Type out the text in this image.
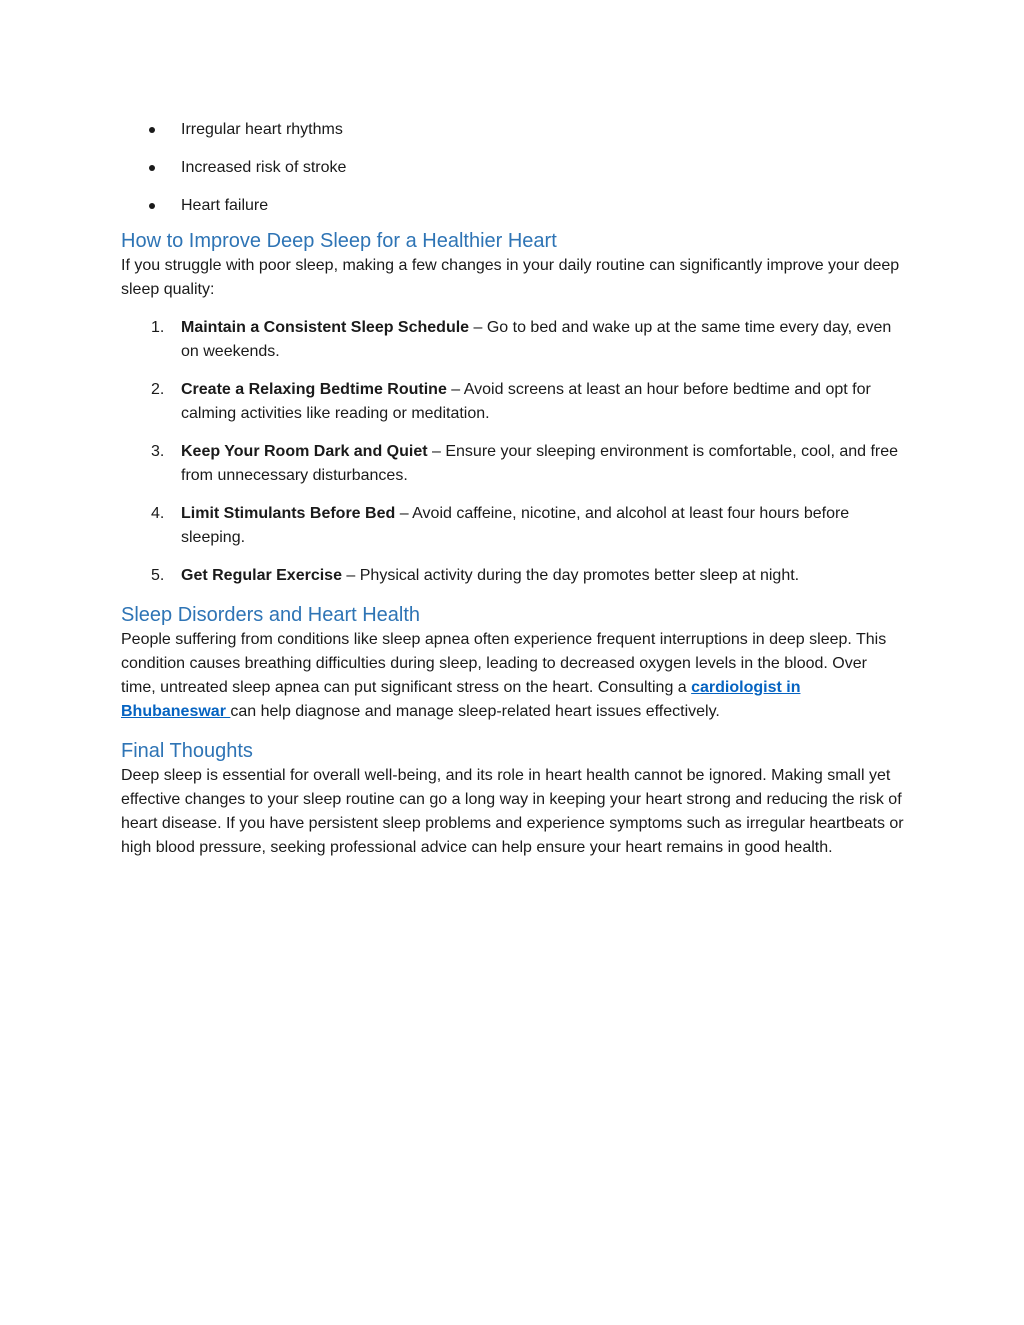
Irregular heart rhythms
Increased risk of stroke
Heart failure
How to Improve Deep Sleep for a Healthier Heart

If you struggle with poor sleep, making a few changes in your daily routine can significantly improve your deep sleep quality:

1. Maintain a Consistent Sleep Schedule – Go to bed and wake up at the same time every day, even on weekends.
2. Create a Relaxing Bedtime Routine – Avoid screens at least an hour before bedtime and opt for calming activities like reading or meditation.
3. Keep Your Room Dark and Quiet – Ensure your sleeping environment is comfortable, cool, and free from unnecessary disturbances.
4. Limit Stimulants Before Bed – Avoid caffeine, nicotine, and alcohol at least four hours before sleeping.
5. Get Regular Exercise – Physical activity during the day promotes better sleep at night.
Sleep Disorders and Heart Health

People suffering from conditions like sleep apnea often experience frequent interruptions in deep sleep. This condition causes breathing difficulties during sleep, leading to decreased oxygen levels in the blood. Over time, untreated sleep apnea can put significant stress on the heart. Consulting a cardiologist in Bhubaneswar can help diagnose and manage sleep-related heart issues effectively.

Final Thoughts

Deep sleep is essential for overall well-being, and its role in heart health cannot be ignored. Making small yet effective changes to your sleep routine can go a long way in keeping your heart strong and reducing the risk of heart disease. If you have persistent sleep problems and experience symptoms such as irregular heartbeats or high blood pressure, seeking professional advice can help ensure your heart remains in good health.
